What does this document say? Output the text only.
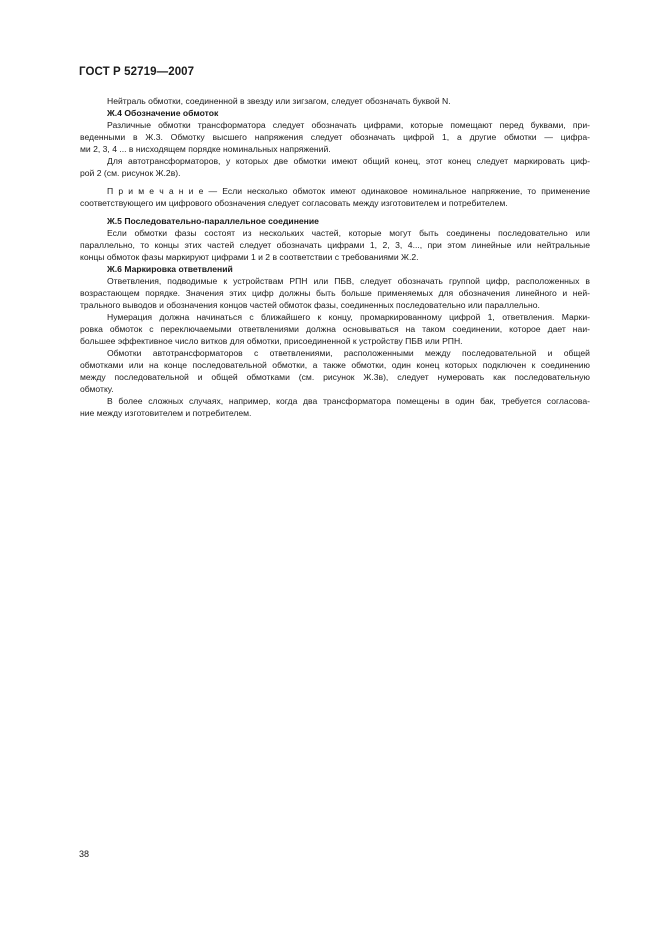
ГОСТ Р 52719—2007
Нейтраль обмотки, соединенной в звезду или зигзагом, следует обозначать буквой N.
Ж.4 Обозначение обмоток
Различные обмотки трансформатора следует обозначать цифрами, которые помещают перед буквами, при-
веденными в Ж.3. Обмотку высшего напряжения следует обозначать цифрой 1, а другие обмотки — цифра-
ми 2, 3, 4 ... в нисходящем порядке номинальных напряжений.
Для автотрансформаторов, у которых две обмотки имеют общий конец, этот конец следует маркировать циф-
рой 2 (см. рисунок Ж.2в).
П р и м е ч а н и е — Если несколько обмоток имеют одинаковое номинальное напряжение, то применение
соответствующего им цифрового обозначения следует согласовать между изготовителем и потребителем.
Ж.5 Последовательно-параллельное соединение
Если обмотки фазы состоят из нескольких частей, которые могут быть соединены последовательно или
параллельно, то концы этих частей следует обозначать цифрами 1, 2, 3, 4..., при этом линейные или нейтральные
концы обмоток фазы маркируют цифрами 1 и 2 в соответствии с требованиями Ж.2.
Ж.6 Маркировка ответвлений
Ответвления, подводимые к устройствам РПН или ПБВ, следует обозначать группой цифр, расположенных в
возрастающем порядке. Значения этих цифр должны быть больше применяемых для обозначения линейного и ней-
трального выводов и обозначения концов частей обмоток фазы, соединенных последовательно или параллельно.
Нумерация должна начинаться с ближайшего к концу, промаркированному цифрой 1, ответвления. Марки-
ровка обмоток с переключаемыми ответвлениями должна основываться на таком соединении, которое дает наи-
большее эффективное число витков для обмотки, присоединенной к устройству ПБВ или РПН.
Обмотки автотрансформаторов с ответвлениями, расположенными между последовательной и общей
обмотками или на конце последовательной обмотки, а также обмотки, один конец которых подключен к соединению
между последовательной и общей обмотками (см. рисунок Ж.3в), следует нумеровать как последовательную
обмотку.
В более сложных случаях, например, когда два трансформатора помещены в один бак, требуется согласова-
ние между изготовителем и потребителем.
38
